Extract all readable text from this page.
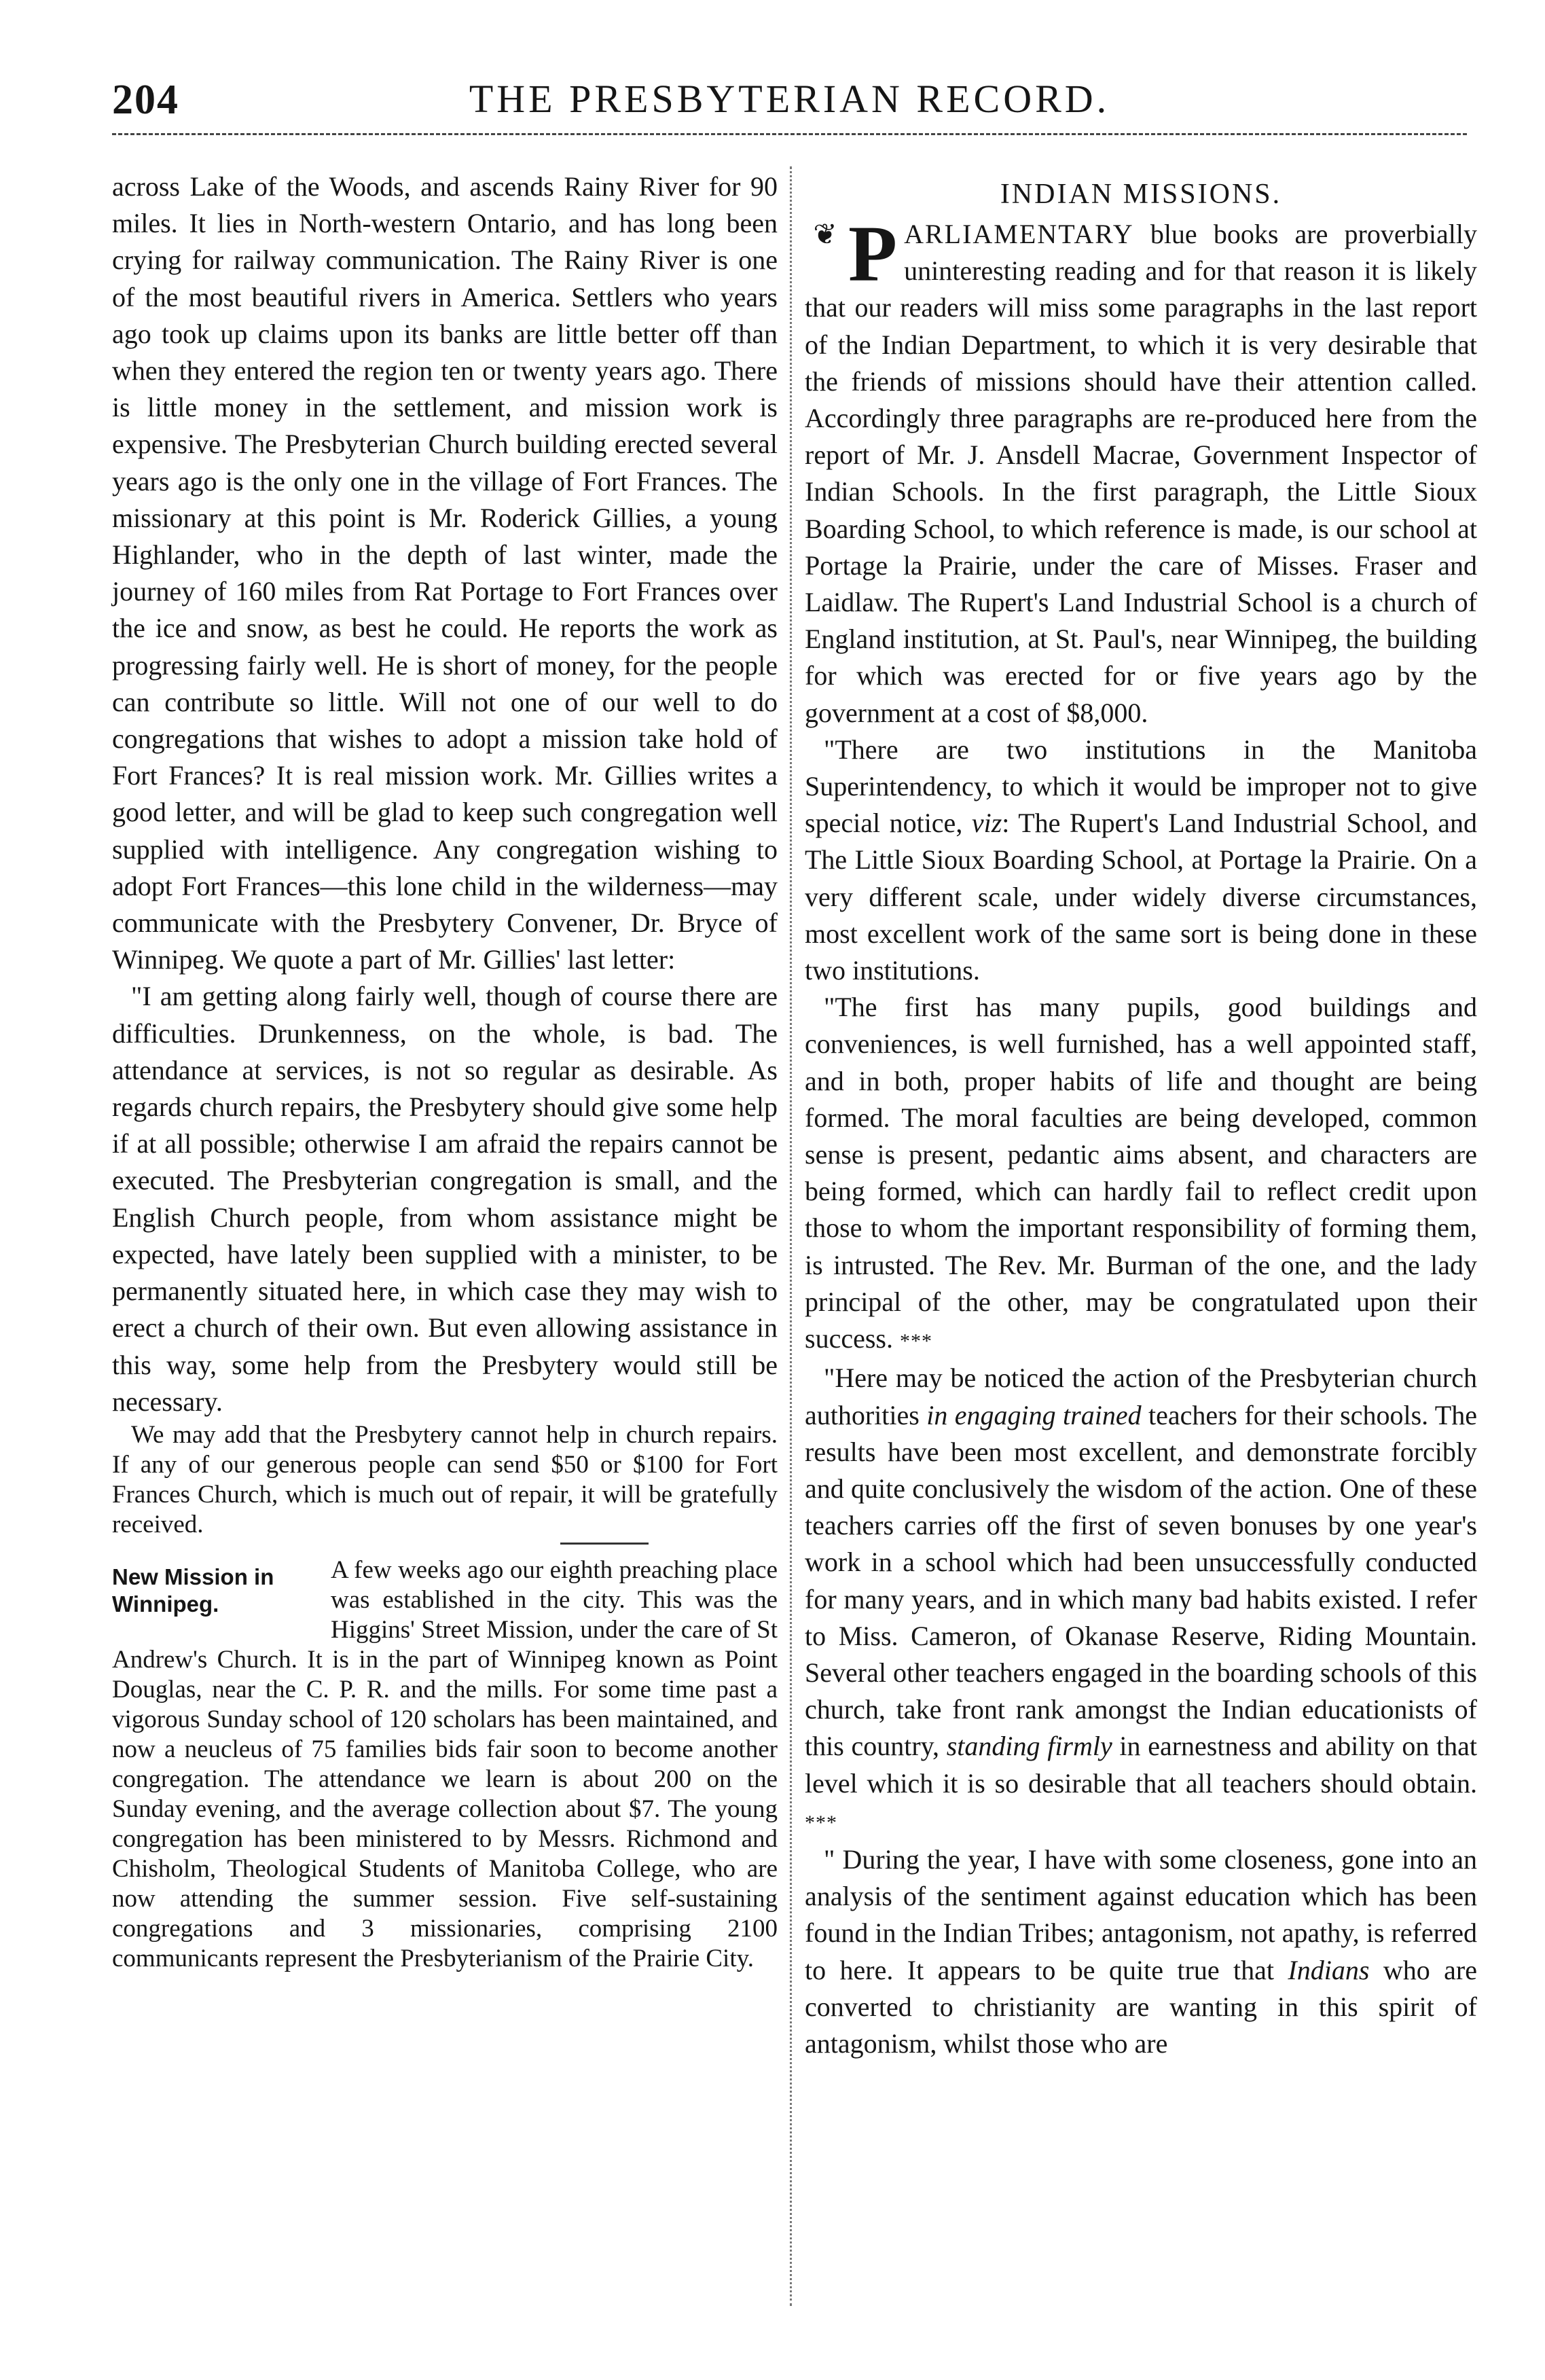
204	THE PRESBYTERIAN RECORD.

across Lake of the Woods, and ascends Rainy River for 90 miles. It lies in North-western Ontario, and has long been crying for railway communication. The Rainy River is one of the most beautiful rivers in America. Settlers who years ago took up claims upon its banks are little better off than when they entered the region ten or twenty years ago. There is little money in the settlement, and mission work is expensive. The Presbyterian Church building erected several years ago is the only one in the village of Fort Frances. The missionary at this point is Mr. Roderick Gillies, a young Highlander, who in the depth of last winter, made the journey of 160 miles from Rat Portage to Fort Frances over the ice and snow, as best he could. He reports the work as progressing fairly well. He is short of money, for the people can contribute so little. Will not one of our well to do congregations that wishes to adopt a mission take hold of Fort Frances? It is real mission work. Mr. Gillies writes a good letter, and will be glad to keep such congregation well supplied with intelligence. Any congregation wishing to adopt Fort Frances—this lone child in the wilderness—may communicate with the Presbytery Convener, Dr. Bryce of Winnipeg. We quote a part of Mr. Gillies' last letter:

"I am getting along fairly well, though of course there are difficulties. Drunkenness, on the whole, is bad. The attendance at services, is not so regular as desirable. As regards church repairs, the Presbytery should give some help if at all possible; otherwise I am afraid the repairs cannot be executed. The Presbyterian congregation is small, and the English Church people, from whom assistance might be expected, have lately been supplied with a minister, to be permanently situated here, in which case they may wish to erect a church of their own. But even allowing assistance in this way, some help from the Presbytery would still be necessary.

We may add that the Presbytery cannot help in church repairs. If any of our generous people can send $50 or $100 for Fort Frances Church, which is much out of repair, it will be gratefully received.

New Mission in Winnipeg.
A few weeks ago our eighth preaching place was established in the city. This was the Higgins' Street Mission, under the care of St Andrew's Church. It is in the part of Winnipeg known as Point Douglas, near the C. P. R. and the mills. For some time past a vigorous Sunday school of 120 scholars has been maintained, and now a neucleus of 75 families bids fair soon to become another congregation. The attendance we learn is about 200 on the Sunday evening, and the average collection about $7. The young congregation has been ministered to by Messrs. Richmond and Chisholm, Theological Students of Manitoba College, who are now attending the summer session. Five self-sustaining congregations and 3 missionaries, comprising 2100 communicants represent the Presbyterianism of the Prairie City.
INDIAN MISSIONS.

❦ P ARLIAMENTARY blue books are proverbially uninteresting reading and for that reason it is likely that our readers will miss some paragraphs in the last report of the Indian Department, to which it is very desirable that the friends of missions should have their attention called. Accordingly three paragraphs are re-produced here from the report of Mr. J. Ansdell Macrae, Government Inspector of Indian Schools. In the first paragraph, the Little Sioux Boarding School, to which reference is made, is our school at Portage la Prairie, under the care of Misses. Fraser and Laidlaw. The Rupert's Land Industrial School is a church of England institution, at St. Paul's, near Winnipeg, the building for which was erected for or five years ago by the government at a cost of $8,000.

"There are two institutions in the Manitoba Superintendency, to which it would be improper not to give special notice, viz: The Rupert's Land Industrial School, and The Little Sioux Boarding School, at Portage la Prairie. On a very different scale, under widely diverse circumstances, most excellent work of the same sort is being done in these two institutions.

"The first has many pupils, good buildings and conveniences, is well furnished, has a well appointed staff, and in both, proper habits of life and thought are being formed. The moral faculties are being developed, common sense is present, pedantic aims absent, and characters are being formed, which can hardly fail to reflect credit upon those to whom the important responsibility of forming them, is intrusted. The Rev. Mr. Burman of the one, and the lady principal of the other, may be congratulated upon their success. ***

"Here may be noticed the action of the Presbyterian church authorities in engaging trained teachers for their schools. The results have been most excellent, and demonstrate forcibly and quite conclusively the wisdom of the action. One of these teachers carries off the first of seven bonuses by one year's work in a school which had been unsuccessfully conducted for many years, and in which many bad habits existed. I refer to Miss. Cameron, of Okanase Reserve, Riding Mountain. Several other teachers engaged in the boarding schools of this church, take front rank amongst the Indian educationists of this country, standing firmly in earnestness and ability on that level which it is so desirable that all teachers should obtain. ***

" During the year, I have with some closeness, gone into an analysis of the sentiment against education which has been found in the Indian Tribes; antagonism, not apathy, is referred to here. It appears to be quite true that Indians who are converted to christianity are wanting in this spirit of antagonism, whilst those who are
